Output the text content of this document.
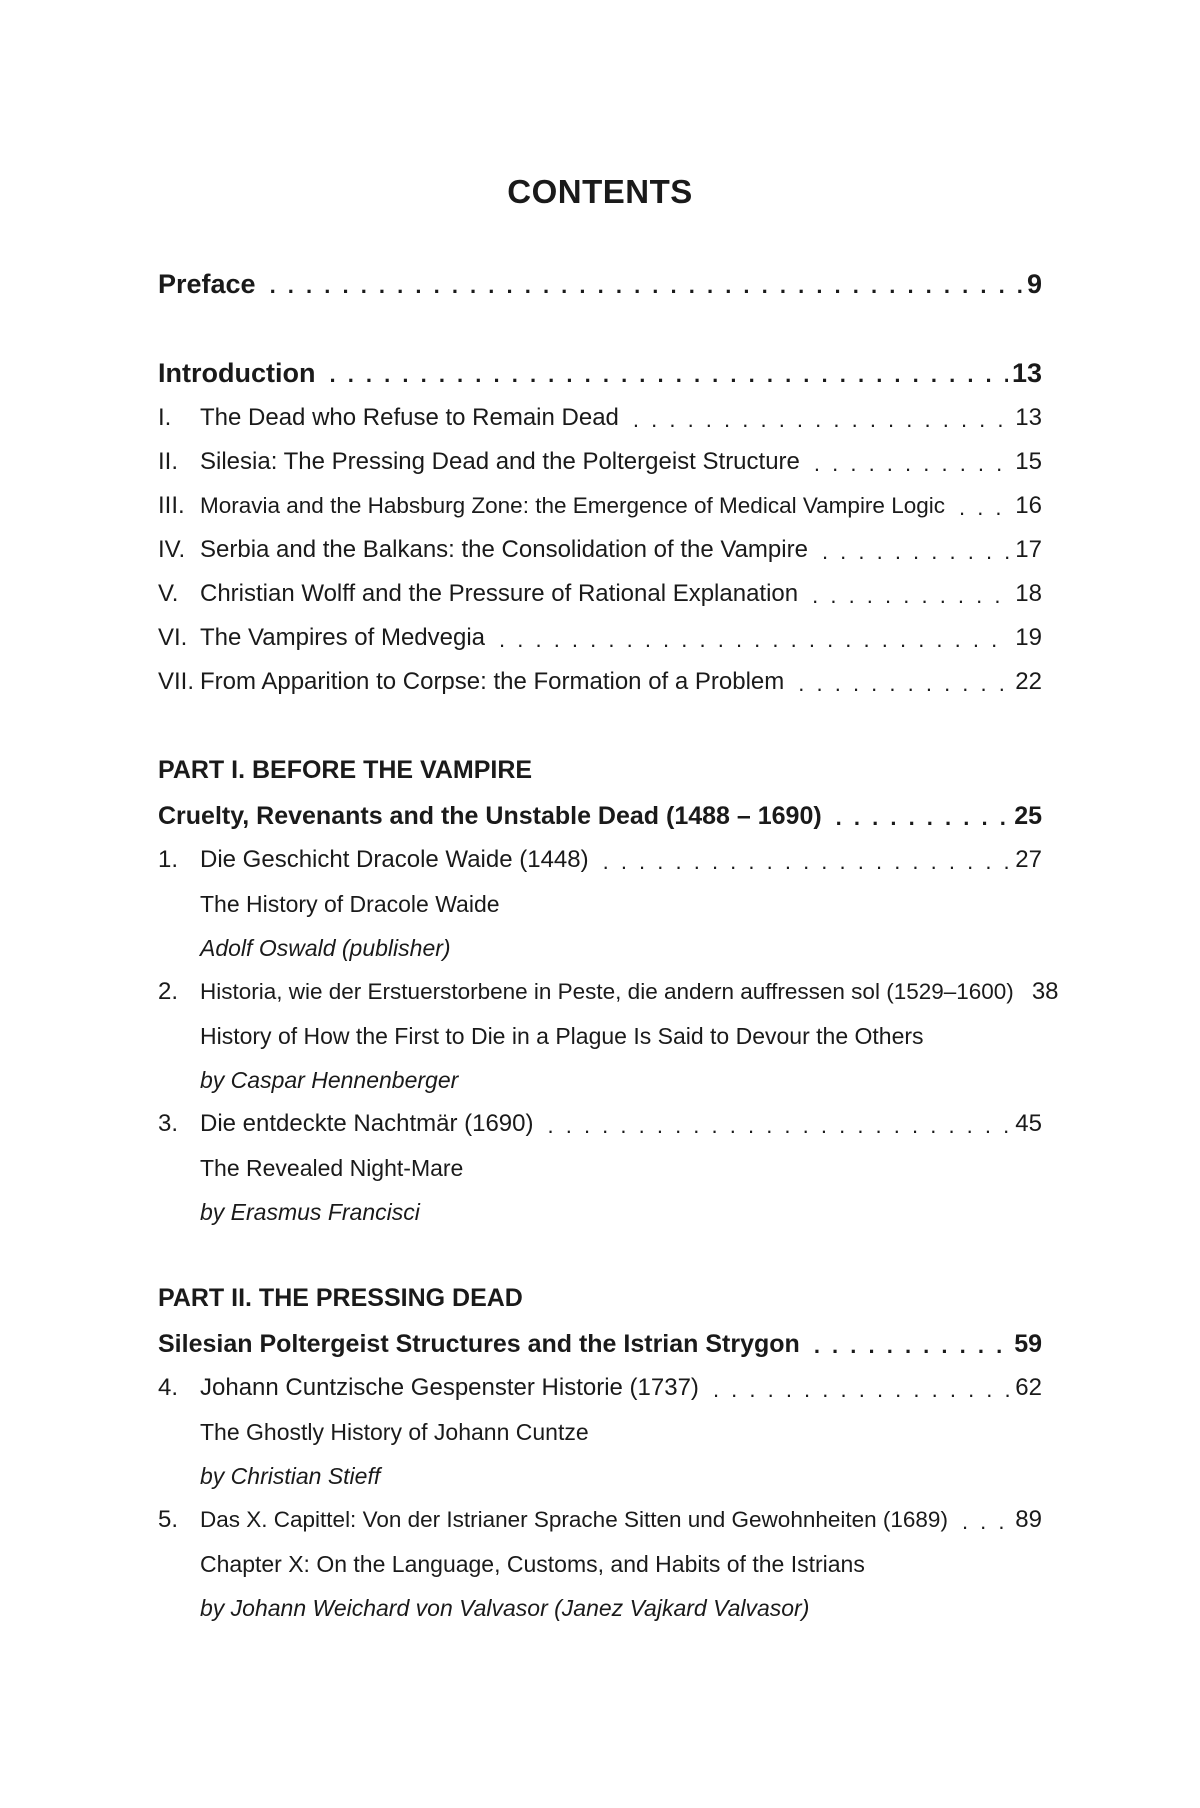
CONTENTS
Preface . . .	9
Introduction . . .	13
I. The Dead who Refuse to Remain Dead . . .	13
II. Silesia: The Pressing Dead and the Poltergeist Structure . . .	15
III. Moravia and the Habsburg Zone: the Emergence of Medical Vampire Logic . . .	16
IV. Serbia and the Balkans: the Consolidation of the Vampire . . .	17
V. Christian Wolff and the Pressure of Rational Explanation . . .	18
VI. The Vampires of Medvegia . . .	19
VII. From Apparition to Corpse: the Formation of a Problem . . .	22
PART I. BEFORE THE VAMPIRE
Cruelty, Revenants and the Unstable Dead (1488 – 1690) . . .	25
1. Die Geschicht Dracole Waide (1448) . . .	27
The History of Dracole Waide
Adolf Oswald (publisher)
2. Historia, wie der Erstuerstorbene in Peste, die andern auffressen sol (1529–1600) 38
History of How the First to Die in a Plague Is Said to Devour the Others
by Caspar Hennenberger
3. Die entdeckte Nachtmär (1690) . . .	45
The Revealed Night-Mare
by Erasmus Francisci
PART II. THE PRESSING DEAD
Silesian Poltergeist Structures and the Istrian Strygon . . .	59
4. Johann Cuntzische Gespenster Historie (1737) . . .	62
The Ghostly History of Johann Cuntze
by Christian Stieff
5. Das X. Capittel: Von der Istrianer Sprache Sitten und Gewohnheiten (1689) . . .	89
Chapter X: On the Language, Customs, and Habits of the Istrians
by Johann Weichard von Valvasor (Janez Vajkard Valvasor)
